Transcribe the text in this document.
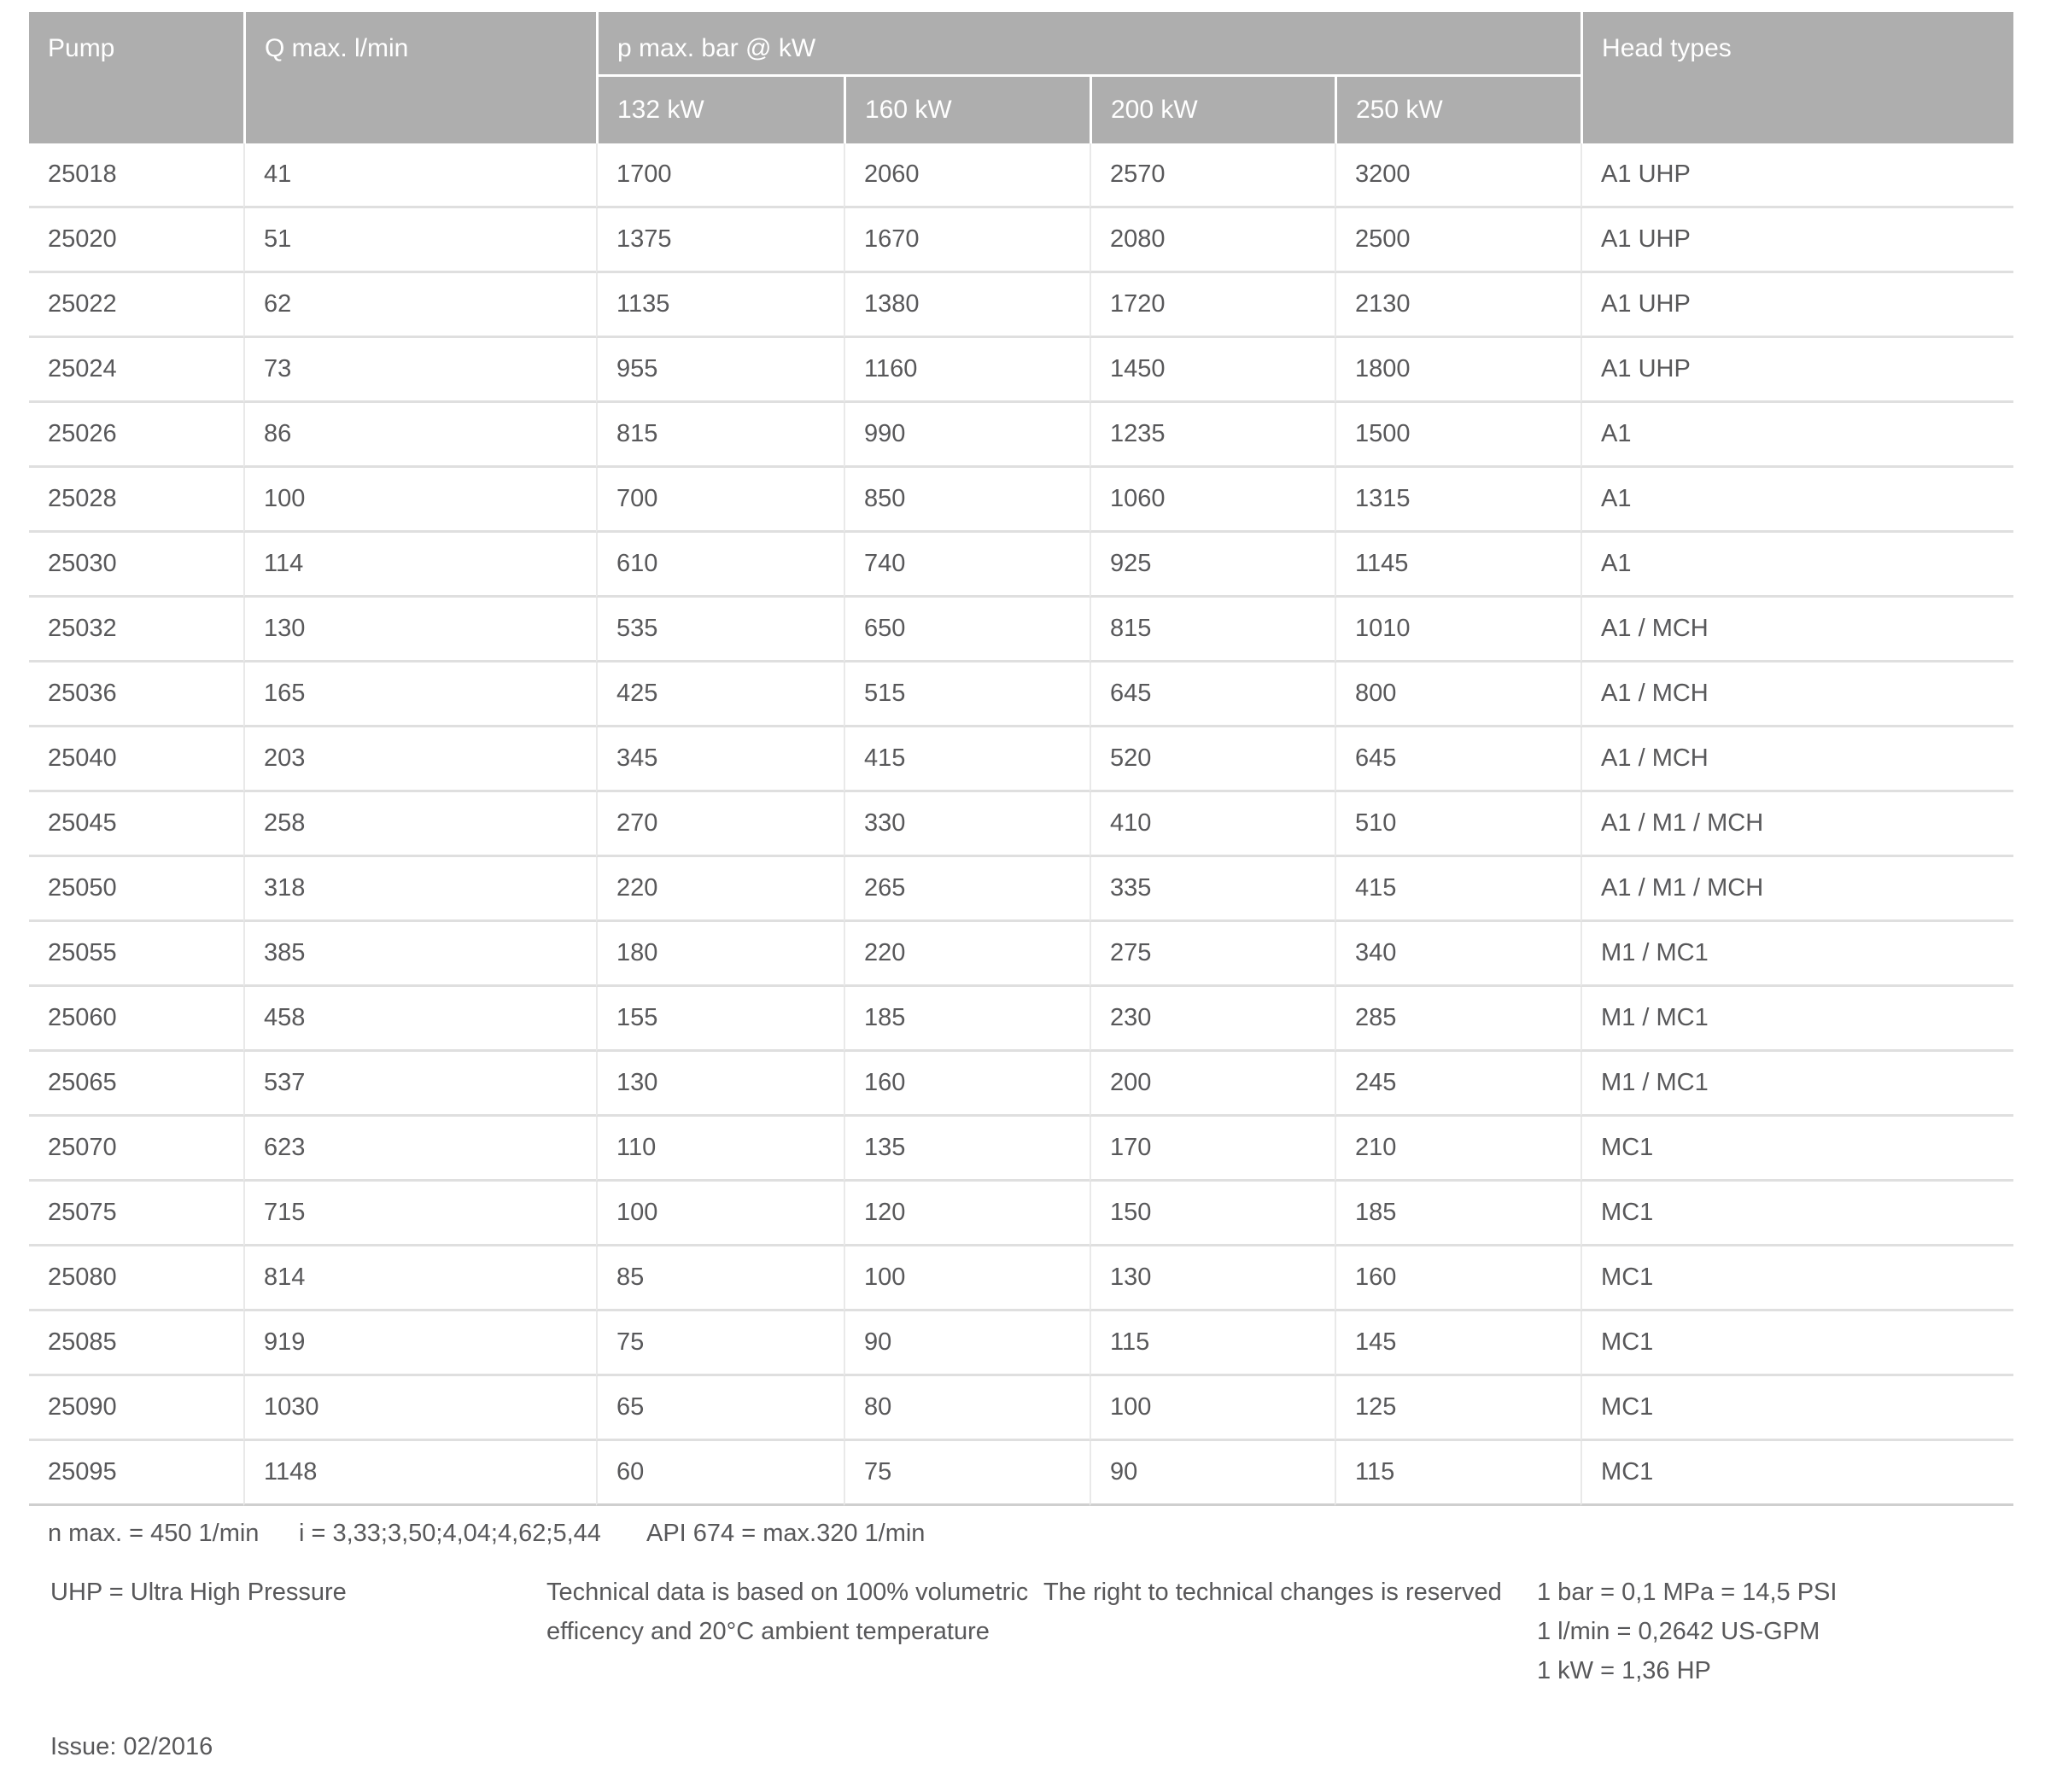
Pump	Q max. l/min	p max. bar @ kW				Head types
		132 kW	160 kW	200 kW	250 kW	
25018	41	1700	2060	2570	3200	A1 UHP
25020	51	1375	1670	2080	2500	A1 UHP
25022	62	1135	1380	1720	2130	A1 UHP
25024	73	955	1160	1450	1800	A1 UHP
25026	86	815	990	1235	1500	A1
25028	100	700	850	1060	1315	A1
25030	114	610	740	925	1145	A1
25032	130	535	650	815	1010	A1 / MCH
25036	165	425	515	645	800	A1 / MCH
25040	203	345	415	520	645	A1 / MCH
25045	258	270	330	410	510	A1 / M1 / MCH
25050	318	220	265	335	415	A1 / M1 / MCH
25055	385	180	220	275	340	M1 / MC1
25060	458	155	185	230	285	M1 / MC1
25065	537	130	160	200	245	M1 / MC1
25070	623	110	135	170	210	MC1
25075	715	100	120	150	185	MC1
25080	814	85	100	130	160	MC1
25085	919	75	90	115	145	MC1
25090	1030	65	80	100	125	MC1
25095	1148	60	75	90	115	MC1
n max. = 450 1/min i = 3,33;3,50;4,04;4,62;5,44 API 674 = max.320 1/min
UHP = Ultra High Pressure	Technical data is based on 100% volumetric efficency and 20°C ambient temperature
The right to technical changes is reserved 1 bar = 0,1 MPa = 14,5 PSI
1 l/min = 0,2642 US-GPM
1 kW = 1,36 HP
Issue: 02/2016
